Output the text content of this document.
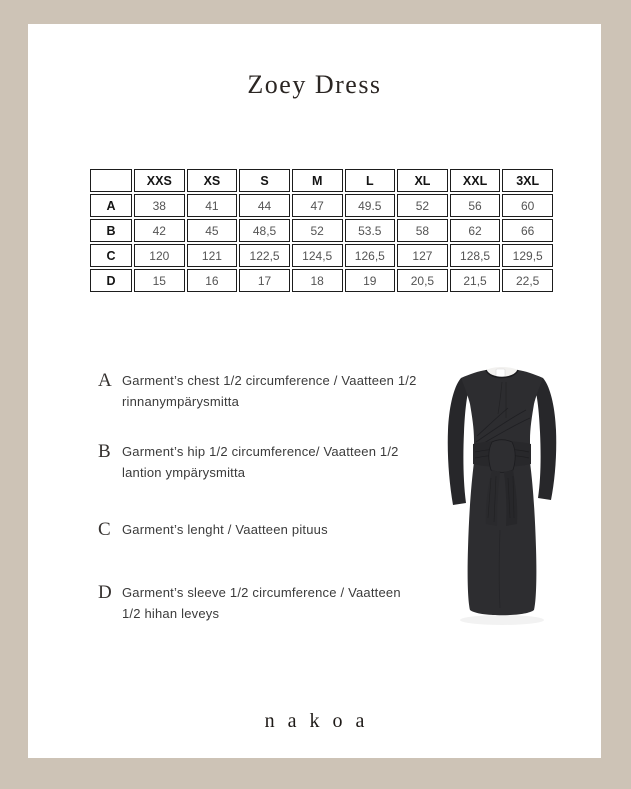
Zoey Dress
	XXS	XS	S	M	L	XL	XXL	3XL
A	38	41	44	47	49.5	52	56	60
B	42	45	48,5	52	53.5	58	62	66
C	120	121	122,5	124,5	126,5	127	128,5	129,5
D	15	16	17	18	19	20,5	21,5	22,5
A Garment’s chest 1/2 circumference / Vaatteen 1/2 rinnanympärysmitta
B Garment’s hip 1/2 circumference/ Vaatteen 1/2 lantion ympärysmitta
C Garment’s lenght / Vaatteen pituus
D Garment’s sleeve 1/2 circumference / Vaatteen 1/2 hihan leveys
nakoa
